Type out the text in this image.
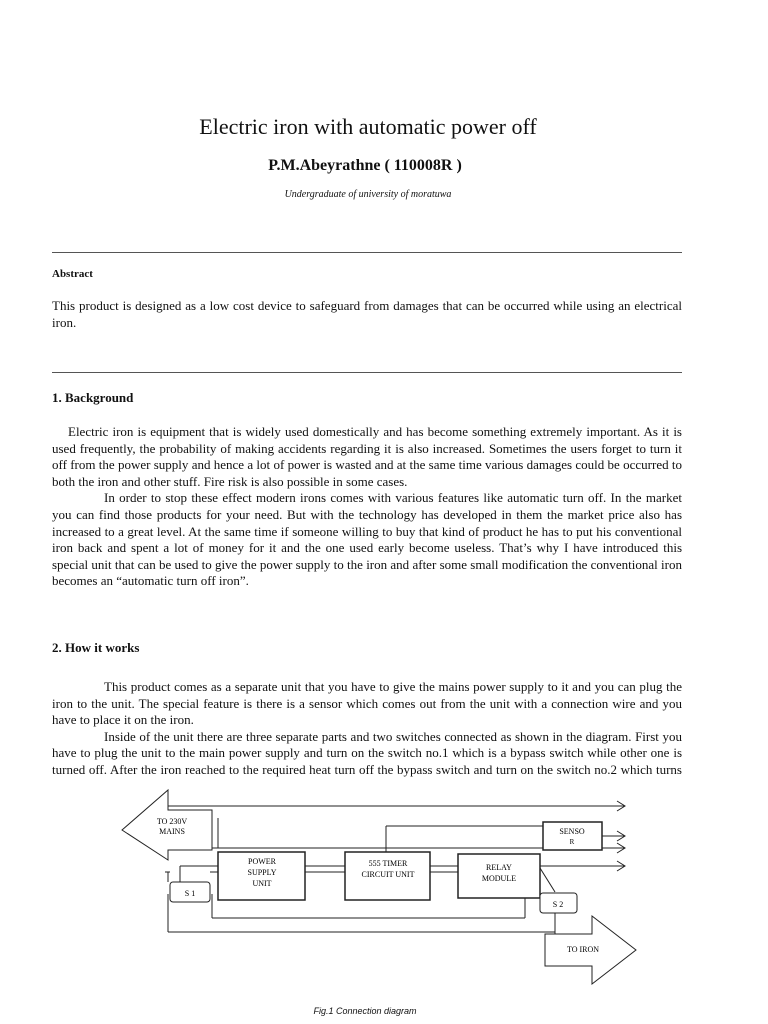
Electric iron with automatic power off
P.M.Abeyrathne ( 110008R )
Undergraduate of university of moratuwa
Abstract
This product is designed as a low cost device to safeguard from damages that can be occurred while using an electrical iron.
1. Background

Electric iron is equipment that is widely used domestically and has become something extremely important. As it is used frequently, the probability of making accidents regarding it is also increased. Sometimes the users forget to turn it off from the power supply and hence a lot of power is wasted and at the same time various damages could be occurred to both the iron and other stuff. Fire risk is also possible in some cases.

In order to stop these effect modern irons comes with various features like automatic turn off. In the market you can find those products for your need. But with the technology has developed in them the market price also has increased to a great level. At the same time if someone willing to buy that kind of product he has to put his conventional iron back and spent a lot of money for it and the one used early become useless. That’s why I have introduced this special unit that can be used to give the power supply to the iron and after some small modification the conventional iron becomes an “automatic turn off iron”.

2. How it works

This product comes as a separate unit that you have to give the mains power supply to it and you can plug the iron to the unit. The special feature is there is a sensor which comes out from the unit with a connection wire and you have to place it on the iron.

Inside of the unit there are three separate parts and two switches connected as shown in the diagram. First you have to plug the unit to the main power supply and turn on the switch no.1 which is a bypass switch while other one is turned off. After the iron reached to the required heat turn off the bypass switch and turn on the switch no.2 which turns

TO 230V
MAINS
POWER
SUPPLY
UNIT
555 TIMER
CIRCUIT UNIT
RELAY
MODULE
SENSO
R
S 1
S 2
TO IRON
Fig.1 Connection diagram
